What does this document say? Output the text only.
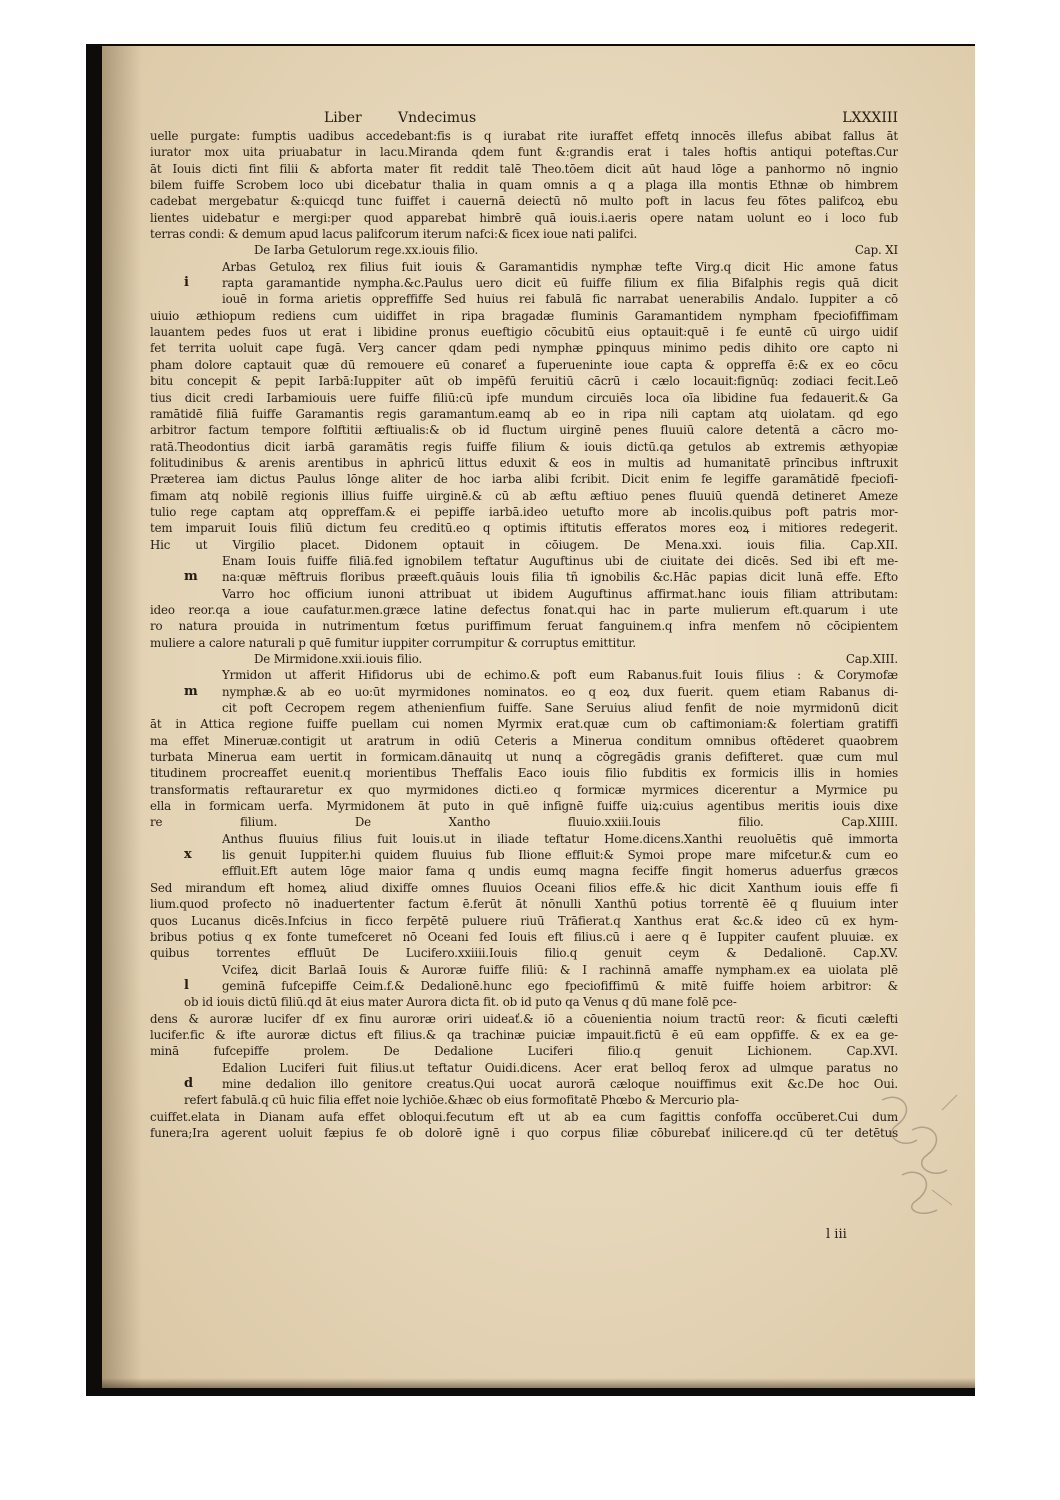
Liber	Vndecimus	LXXXIII
uelle purgate: fumptis uadibus accedebant:fis is q iurabat rite iuraffet effetq innocēs illefus abibat fallus āt
iurator mox uita priuabatur in lacu.Miranda qdem funt &:grandis erat i tales hoftis antiqui poteftas.Cur
āt Iouis dicti fint filii & abforta mater fit reddit talē Theo.tōem dicit aūt haud lōge a panhormo nō ingnio
bilem fuiffe Scrobem loco ubi dicebatur thalia in quam omnis a q a plaga illa montis Ethnæ ob himbrem
cadebat mergebatur &:quicqd tunc fuiffet i cauernā deiectū nō multo poft in lacus feu fōtes palifcoꝝ ebu
lientes uidebatur e mergi:per quod apparebat himbrē quā iouis.i.aeris opere natam uolunt eo i loco fub
terras condi: & demum apud lacus palifcorum iterum nafci:& ficex ioue nati palifci.
De Iarba Getulorum rege.xx.iouis filio.	Cap. XI
Arbas Getuloꝝ rex filius fuit iouis & Garamantidis nymphæ tefte Virg.q dicit Hic amone fatus
i	rapta garamantide nympha.&c.Paulus uero dicit eū fuiffe filium ex filia Bifalphis regis quā dicit
iouē in forma arietis oppreffiffe Sed huius rei fabulā fic narrabat uenerabilis Andalo. Iuppiter a cō
uiuio æthiopum rediens cum uidiffet in ripa bragadæ fluminis Garamantidem nympham fpeciofiffimam
lauantem pedes fuos ut erat i libidine pronus eueftigio cōcubitū eius optauit:quē i fe euntē cū uirgo uidiſ
fet territa uoluit cape fugā. Verꝫ cancer qdam pedi nymphæ ꝑpinquus minimo pedis dihito ore capto ni
pham dolore captauit quæ dū remouere eū conareť a fuperueninte ioue capta & oppreffa ē:& ex eo cōcu
bitu concepit & pepit Iarbā:Iuppiter aūt ob impēfū feruitiū cācrū i cælo locauit:fignūq: zodiaci fecit.Leō
tius dicit credi Iarbamiouis uere fuiffe filiū:cū ipfe mundum circuiēs loca oīa libidine fua fedauerit.& Ga
ramātidē filiā fuiffe Garamantis regis garamantum.eamq ab eo in ripa nili captam atq uiolatam. qd ego
arbitror factum tempore folftitii æftiualis:& ob id fluctum uirginē penes fluuiū calore detentā a cācro mo-
ratā.Theodontius dicit iarbā garamātis regis fuiffe filium & iouis dictū.qa getulos ab extremis æthyopiæ
folitudinibus & arenis arentibus in aphricū littus eduxit & eos in multis ad humanitatē prīncibus inftruxit
Præterea iam dictus Paulus lōnge aliter de hoc iarba alibi fcribit. Dicit enim fe legiffe garamātidē fpeciofi-
fimam atq nobilē regionis illius fuiffe uirginē.& cū ab æftu æftiuo penes fluuiū quendā detineret Ameze
tulio rege captam atq oppreffam.& ei pepiffe iarbā.ideo uetufto more ab incolis.quibus poft patris mor-
tem imparuit Iouis filiū dictum feu creditū.eo q optimis iftitutis efferatos mores eoꝝ i mitiores redegerit.
Hic ut Virgilio placet. Didonem optauit in cōiugem. De Mena.xxi. iouis filia. Cap.XII.
Enam Iouis fuiffe filiā.fed ignobilem teftatur Auguftinus ubi de ciuitate dei dicēs. Sed ibi eft me-
m na:quæ mēftruis floribus præeft.quāuis louis filia tñ ignobilis &c.Hāc papias dicit lunā effe. Efto
Varro hoc officium iunoni attribuat ut ibidem Auguftinus affirmat.hanc iouis filiam attributam:
ideo reor.qa a ioue caufatur.men.græce latine defectus fonat.qui hac in parte mulierum eft.quarum i ute
ro natura prouida in nutrimentum fœtus puriffimum feruat fanguinem.q infra menfem nō cōcipientem
muliere a calore naturali p quē fumitur iuppiter corrumpitur & corruptus emittitur.
De Mirmidone.xxii.iouis filio.	Cap.XIII.
Yrmidon ut afferit Hifidorus ubi de echimo.& poft eum Rabanus.fuit Iouis filius : & Corymofæ
m nymphæ.& ab eo uo:ūt myrmidones nominatos. eo q eoꝝ dux fuerit. quem etiam Rabanus di-
cit poft Cecropem regem athenienfium fuiffe. Sane Seruius aliud fenfit de noie myrmidonū dicit
āt in Attica regione fuiffe puellam cui nomen Myrmix erat.quæ cum ob caftimoniam:& folertiam gratiffi
ma effet Mineruæ.contigit ut aratrum in odiū Ceteris a Minerua conditum omnibus oftēderet quaobrem
turbata Minerua eam uertit in formicam.dānauitq ut nunq a cōgregādis granis defifteret. quæ cum mul
titudinem procreaffet euenit.q morientibus Theffalis Eaco iouis filio fubditis ex formicis illis in homies
transformatis reftauraretur ex quo myrmidones dicti.eo q formicæ myrmices dicerentur a Myrmice pu
ella in formicam uerfa. Myrmidonem āt puto in quē infignē fuiffe uiꝝ:cuius agentibus meritis iouis dixe
re filium. De Xantho fluuio.xxiii.Iouis filio. Cap.XIIII.
Anthus fluuius filius fuit louis.ut in iliade teftatur Home.dicens.Xanthi reuoluētis quē immorta
x	lis genuit Iuppiter.hi quidem fluuius fub Ilione effluit:& Symoi prope mare mifcetur.& cum eo
effluit.Eft autem lōge maior fama q undis eumq magna feciffe fingit homerus aduerfus græcos
Sed mirandum eft homeꝝ aliud dixiffe omnes fluuios Oceani filios effe.& hic dicit Xanthum iouis effe fi
lium.quod profecto nō inaduertenter factum ē.ferūt āt nōnulli Xanthū potius torrentē ēē q fluuium inter
quos Lucanus dicēs.Infcius in ficco ferpētē puluere riuū Trāfierat.q Xanthus erat &c.& ideo cū ex hym-
bribus potius q ex fonte tumefceret nō Oceani fed Iouis eft filius.cū i aere q ē Iuppiter caufent pluuiæ. ex
quibus torrentes effluūt De Lucifero.xxiiii.Iouis filio.q genuit ceym & Dedalionē. Cap.XV.
Vcifeꝝ dicit Barlaā Iouis & Auroræ fuiffe filiū: & I rachinnā amaffe nympham.ex ea uiolata plē
l	geminā fufcepiffe Ceim.f.& Dedalionē.hunc ego fpeciofiffimū & mitē fuiffe hoiem arbitror: &
ob id iouis dictū filiū.qd āt eius mater Aurora dicta fit. ob id puto qa Venus q dū mane folē pce-
dens & auroræ lucifer df ex finu auroræ oriri uideať.& iō a cōuenientia noium tractū reor: & ficuti cælefti
lucifer.fic & ifte auroræ dictus eft filius.& qa trachinæ puiciæ impauit.fictū ē eū eam oppfiffe. & ex ea ge-
minā fufcepiffe prolem. De Dedalione Luciferi filio.q genuit Lichionem. Cap.XVI.
Edalion Luciferi fuit filius.ut teftatur Ouidi.dicens. Acer erat belloq ferox ad ulmque paratus no
d mine dedalion illo genitore creatus.Qui uocat aurorā cæloque nouiffimus exit &c.De hoc Oui.
refert fabulā.q cū huic filia effet noie lychiōe.&hæc ob eius formofitatē Phœbo & Mercurio pla-
cuiffet.elata in Dianam aufa effet obloqui.fecutum eft ut ab ea cum fagittis confoffa occūberet.Cui dum
funera;Ira agerent uoluit fæpius fe ob dolorē ignē i quo corpus filiæ cōburebať inilicere.qd cū ter detētus
l iii
